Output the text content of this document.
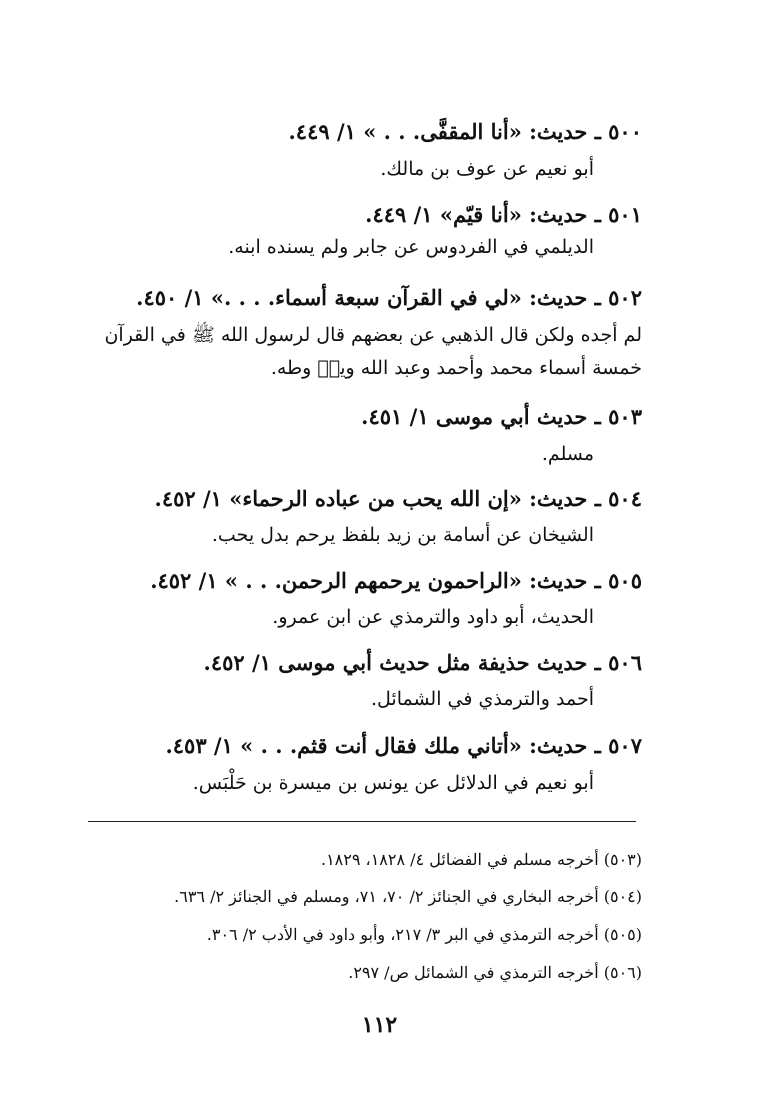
٥٠٠ ـ حديث: «أنا المقفَّى. . . » ١/ ٤٤٩.
أبو نعيم عن عوف بن مالك.
٥٠١ ـ حديث: «أنا قيّم» ١/ ٤٤٩.
الديلمي في الفردوس عن جابر ولم يسنده ابنه.
٥٠٢ ـ حديث: «لي في القرآن سبعة أسماء. . . .» ١/ ٤٥٠.
لم أجده ولكن قال الذهبي عن بعضهم قال لرسول الله ﷺ في القرآن
خمسة أسماء محمد وأحمد وعبد الله ويسۤ وطه.
٥٠٣ ـ حديث أبي موسى ١/ ٤٥١.
مسلم.
٥٠٤ ـ حديث: «إن الله يحب من عباده الرحماء» ١/ ٤٥٢.
الشيخان عن أسامة بن زيد بلفظ يرحم بدل يحب.
٥٠٥ ـ حديث: «الراحمون يرحمهم الرحمن. . . » ١/ ٤٥٢.
الحديث، أبو داود والترمذي عن ابن عمرو.
٥٠٦ ـ حديث حذيفة مثل حديث أبي موسى ١/ ٤٥٢.
أحمد والترمذي في الشمائل.
٥٠٧ ـ حديث: «أتاني ملك فقال أنت قثم. . . » ١/ ٤٥٣.
أبو نعيم في الدلائل عن يونس بن ميسرة بن حَلْبَس.
(٥٠٣) أخرجه مسلم في الفضائل ٤/ ١٨٢٨، ١٨٢٩.
(٥٠٤) أخرجه البخاري في الجنائز ٢/ ٧٠، ٧١، ومسلم في الجنائز ٢/ ٦٣٦.
(٥٠٥) أخرجه الترمذي في البر ٣/ ٢١٧، وأبو داود في الأدب ٢/ ٣٠٦.
(٥٠٦) أخرجه الترمذي في الشمائل ص/ ٢٩٧.
١١٢
